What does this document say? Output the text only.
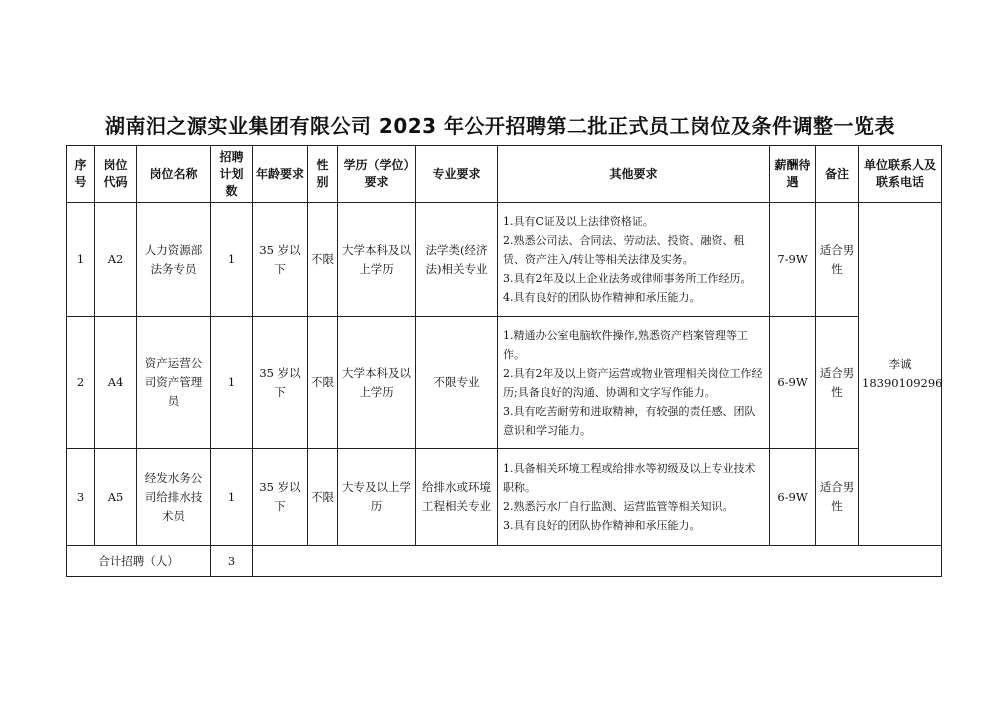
湖南汨之源实业集团有限公司 2023 年公开招聘第二批正式员工岗位及条件调整一览表
序号	岗位代码	岗位名称	招聘计划数	年龄要求	性别	学历（学位）要求	专业要求	其他要求	薪酬待遇	备注	单位联系人及联系电话
1	A2	人力资源部法务专员	1	35 岁以下	不限	大学本科及以上学历	法学类(经济法)相关专业	1.具有C证及以上法律资格证。
2.熟悉公司法、合同法、劳动法、投资、融资、租赁、资产注入/转让等相关法律及实务。
3.具有2年及以上企业法务或律师事务所工作经历。
4.具有良好的团队协作精神和承压能力。	7-9W	适合男性	李诚
18390109296

2	A4	资产运营公司资产管理员	1	35 岁以下	不限	大学本科及以上学历	不限专业	1.精通办公室电脑软件操作,熟悉资产档案管理等工作。
2.具有2年及以上资产运营或物业管理相关岗位工作经历;具备良好的沟通、协调和文字写作能力。
3.具有吃苦耐劳和进取精神，有较强的责任感、团队意识和学习能力。	6-9W	适合男性	
3	A5	经发水务公司给排水技术员	1	35 岁以下	不限	大专及以上学历	给排水或环境工程相关专业	1.具备相关环境工程或给排水等初级及以上专业技术职称。
2.熟悉污水厂自行监测、运营监管等相关知识。
3.具有良好的团队协作精神和承压能力。	6-9W	适合男性	
合计招聘（人）			3								
